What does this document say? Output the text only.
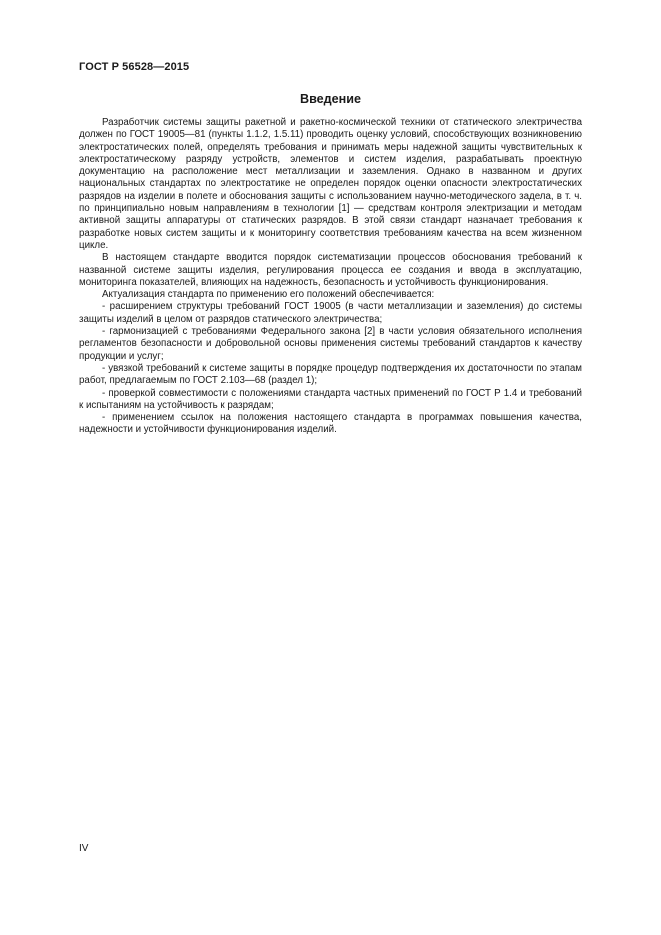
ГОСТ Р 56528—2015
Введение

Разработчик системы защиты ракетной и ракетно-космической техники от статического электричества должен по ГОСТ 19005—81 (пункты 1.1.2, 1.5.11) проводить оценку условий, способствующих возникновению электростатических полей, определять требования и принимать меры надежной защиты чувствительных к электростатическому разряду устройств, элементов и систем изделия, разрабатывать проектную документацию на расположение мест металлизации и заземления. Однако в названном и других национальных стандартах по электростатике не определен порядок оценки опасности электростатических разрядов на изделии в полете и обоснования защиты с использованием научно-методического задела, в т. ч. по принципиально новым направлениям в технологии [1] — средствам контроля электризации и методам активной защиты аппаратуры от статических разрядов. В этой связи стандарт назначает требования к разработке новых систем защиты и к мониторингу соответствия требованиям качества на всем жизненном цикле.

В настоящем стандарте вводится порядок систематизации процессов обоснования требований к названной системе защиты изделия, регулирования процесса ее создания и ввода в эксплуатацию, мониторинга показателей, влияющих на надежность, безопасность и устойчивость функционирования.

Актуализация стандарта по применению его положений обеспечивается:

- расширением структуры требований ГОСТ 19005 (в части металлизации и заземления) до системы защиты изделий в целом от разрядов статического электричества;

- гармонизацией с требованиями Федерального закона [2] в части условия обязательного исполнения регламентов безопасности и добровольной основы применения системы требований стандартов к качеству продукции и услуг;

- увязкой требований к системе защиты в порядке процедур подтверждения их достаточности по этапам работ, предлагаемым по ГОСТ 2.103—68 (раздел 1);

- проверкой совместимости с положениями стандарта частных применений по ГОСТ Р 1.4 и требований к испытаниям на устойчивость к разрядам;

- применением ссылок на положения настоящего стандарта в программах повышения качества, надежности и устойчивости функционирования изделий.

IV
